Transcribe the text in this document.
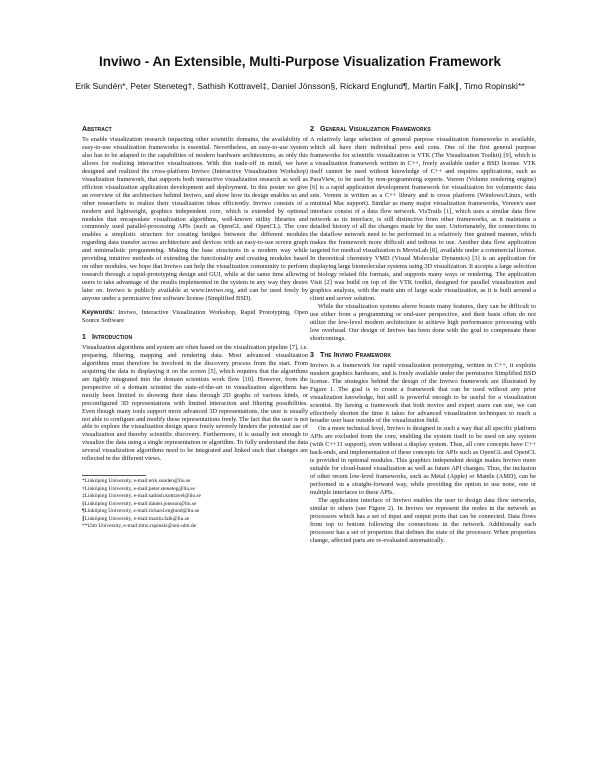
Inviwo - An Extensible, Multi-Purpose Visualization Framework
Erik Sundén*, Peter Steneteg†, Sathish Kottravel‡, Daniel Jönsson§, Rickard Englund¶, Martin Falk∥, Timo Ropinski**
Abstract

To enable visualization research impacting other scientific domains, the availability of easy-to-use visualization frameworks is essential. Nevertheless, an easy-to-use system also has to be adapted to the capabilities of modern hardware architectures, as only this allows for realizing interactive visualizations. With this trade-off in mind, we have designed and realized the cross-platform Inviwo (Interactive Visualization Workshop) visualization framework, that supports both interactive visualization research as well as efficient visualization application development and deployment. In this poster we give an overview of the architecture behind Inviwo, and show how its design enables us and other researchers to realize their visualization ideas efficiently. Inviwo consists of a modern and lightweight, graphics independent core, which is extended by optional modules that encapsulate visualization algorithms, well-known utility libraries and commonly used parallel-processing APIs (such as OpenGL and OpenCL). The core enables a simplistic structure for creating bridges between the different modules regarding data transfer across architecture and devices with an easy-to-use screen graph and minimalistic programming. Making the base structures in a modern way while providing intuitive methods of extending the functionality and creating modules based on other modules, we hope that Inviwo can help the visualization community to perform research through a rapid-prototyping design and GUI, while at the same time allowing users to take advantage of the results implemented in the system in any way they desire later on. Inviwo is publicly available at www.inviwo.org, and can be used freely by anyone under a permissive free software license (Simplified BSD).

Keywords: Inviwo, Interactive Visualization Workshop, Rapid Prototyping, Open Source Software

1 Introduction

Visualization algorithms and system are often based on the visualization pipeline [7], i.e. preparing, filtering, mapping and rendering data. Most advanced visualization algorithms must therefore be involved in the discovery process from the start. From acquiring the data to displaying it on the screen [5], which requires that the algorithms are tightly integrated into the domain scientists work flow [10]. However, from the perspective of a domain scientist the state-of-the-art in visualization algorithms has mostly been limited to showing their data through 2D graphs of various kinds, or preconfigured 3D representations with limited interaction and filtering possibilities. Even though many tools support more advanced 3D representations, the user is usually not able to configure and modify these representations freely. The fact that the user is not able to explore the visualization design space freely severely hinders the potential use of visualization and thereby scientific discovery. Furthermore, it is usually not enough to visualize the data using a single representation or algorithm. To fully understand the data several visualization algorithms need to be integrated and linked such that changes are reflected in the different views.

*Linköping University, e-mail:erik.sunden@liu.se
†Linköping University, e-mail:peter.steneteg@liu.se
‡Linköping University, e-mail:sathish.kottravel@liu.se
§Linköping University, e-mail:daniel.jonsson@liu.se
¶Linköping University, e-mail:rickard.englund@liu.se
∥Linköping University, e-mail:martin.falk@liu.se
**Ulm University, e-mail:timo.ropinski@uni-ulm.de
2 General Visualization Frameworks

A relatively large selection of general purpose visualization frameworks is available, which all have their individual pros and cons. One of the first general purpose frameworks for scientific visualization is VTK (The Visualization Toolkit) [9], which is a visualization framework written in C++, freely available under a BSD license. VTK itself cannot be used without knowledge of C++ and requires applications, such as ParaView, to be used by non-programming experts. Voreen (Volume rendering engine) [6] is a rapid application development framework for visualization for volumetric data sets. Voreen is written as a C++ library and is cross platform (Windows/Linux, with minimal Mac support). Similar as many major visualization frameworks, Voreen's user interface consist of a data flow network. VisTrails [1], which uses a similar data flow network as its interface, is still distinctive from other frameworks, as it maintains a detailed history of all the changes made by the user. Unfortunately, the connections in the dataflow network need to be performed in a relatively fine grained manner, which makes the framework more difficult and tedious to use. Another data flow application targeted for medical visualization is MevisLab [8], available under a commercial license. In theoretical chemistry VMD (Visual Molecular Dynamics) [3] is an application for displaying large biomolecular systems using 3D visualization. It accepts a large selection of biology related file formats, and supports many ways or rendering. The application Visit [2] was build on top of the VTK toolkit, designed for parallel visualization and graphics analysis, with the main aim of large scale visualization, as it is built around a client and server solution.

While the visualization systems above boasts many features, they can be difficult to use either from a programming or end-user perspective, and their basis often do not utilize the low-level modern architecture to achieve high performance processing with low overhead. Our design of Inviwo has been done with the goal to compensate these shortcomings.

3 The Inviwo Framework

Inviwo is a framework for rapid visualization prototyping, written in C++, it exploits modern graphics hardware, and is freely available under the permissive Simplified BSD license. The strategies behind the design of the Inviwo framework are illustrated by Figure 1. The goal is to create a framework that can be used without any prior visualization knowledge, but still is powerful enough to be useful for a visualization scientist. By having a framework that both novice and expert users can use, we can effectively shorten the time it takes for advanced visualization techniques to reach a broader user base outside of the visualization field.

On a more technical level, Inviwo is designed in such a way that all specific platform APIs are excluded from the core, enabling the system itself to be used on any system (with C++11 support), even without a display system. Thus, all core concepts have C++ back-ends, and implementation of these concepts for APIs such as OpenGL and OpenCL is provided in optional modules. This graphics independent design makes Inviwo more suitable for cloud-based visualization as well as future API changes. Thus, the inclusion of other recent low-level frameworks, such as Metal (Apple) or Mantle (AMD), can be performed in a straight-forward way, while providing the option to use none, one or multiple interfaces to these APIs.

The application interface of Inviwo enables the user to design data flow networks, similar to others (see Figure 2). In Inviwo we represent the nodes in the network as processors which has a set of input and output ports that can be connected. Data flows from top to bottom following the connections in the network. Additionally each processor has a set of properties that defines the state of the processor. When properties change, affected parts are re-evaluated automatically.
